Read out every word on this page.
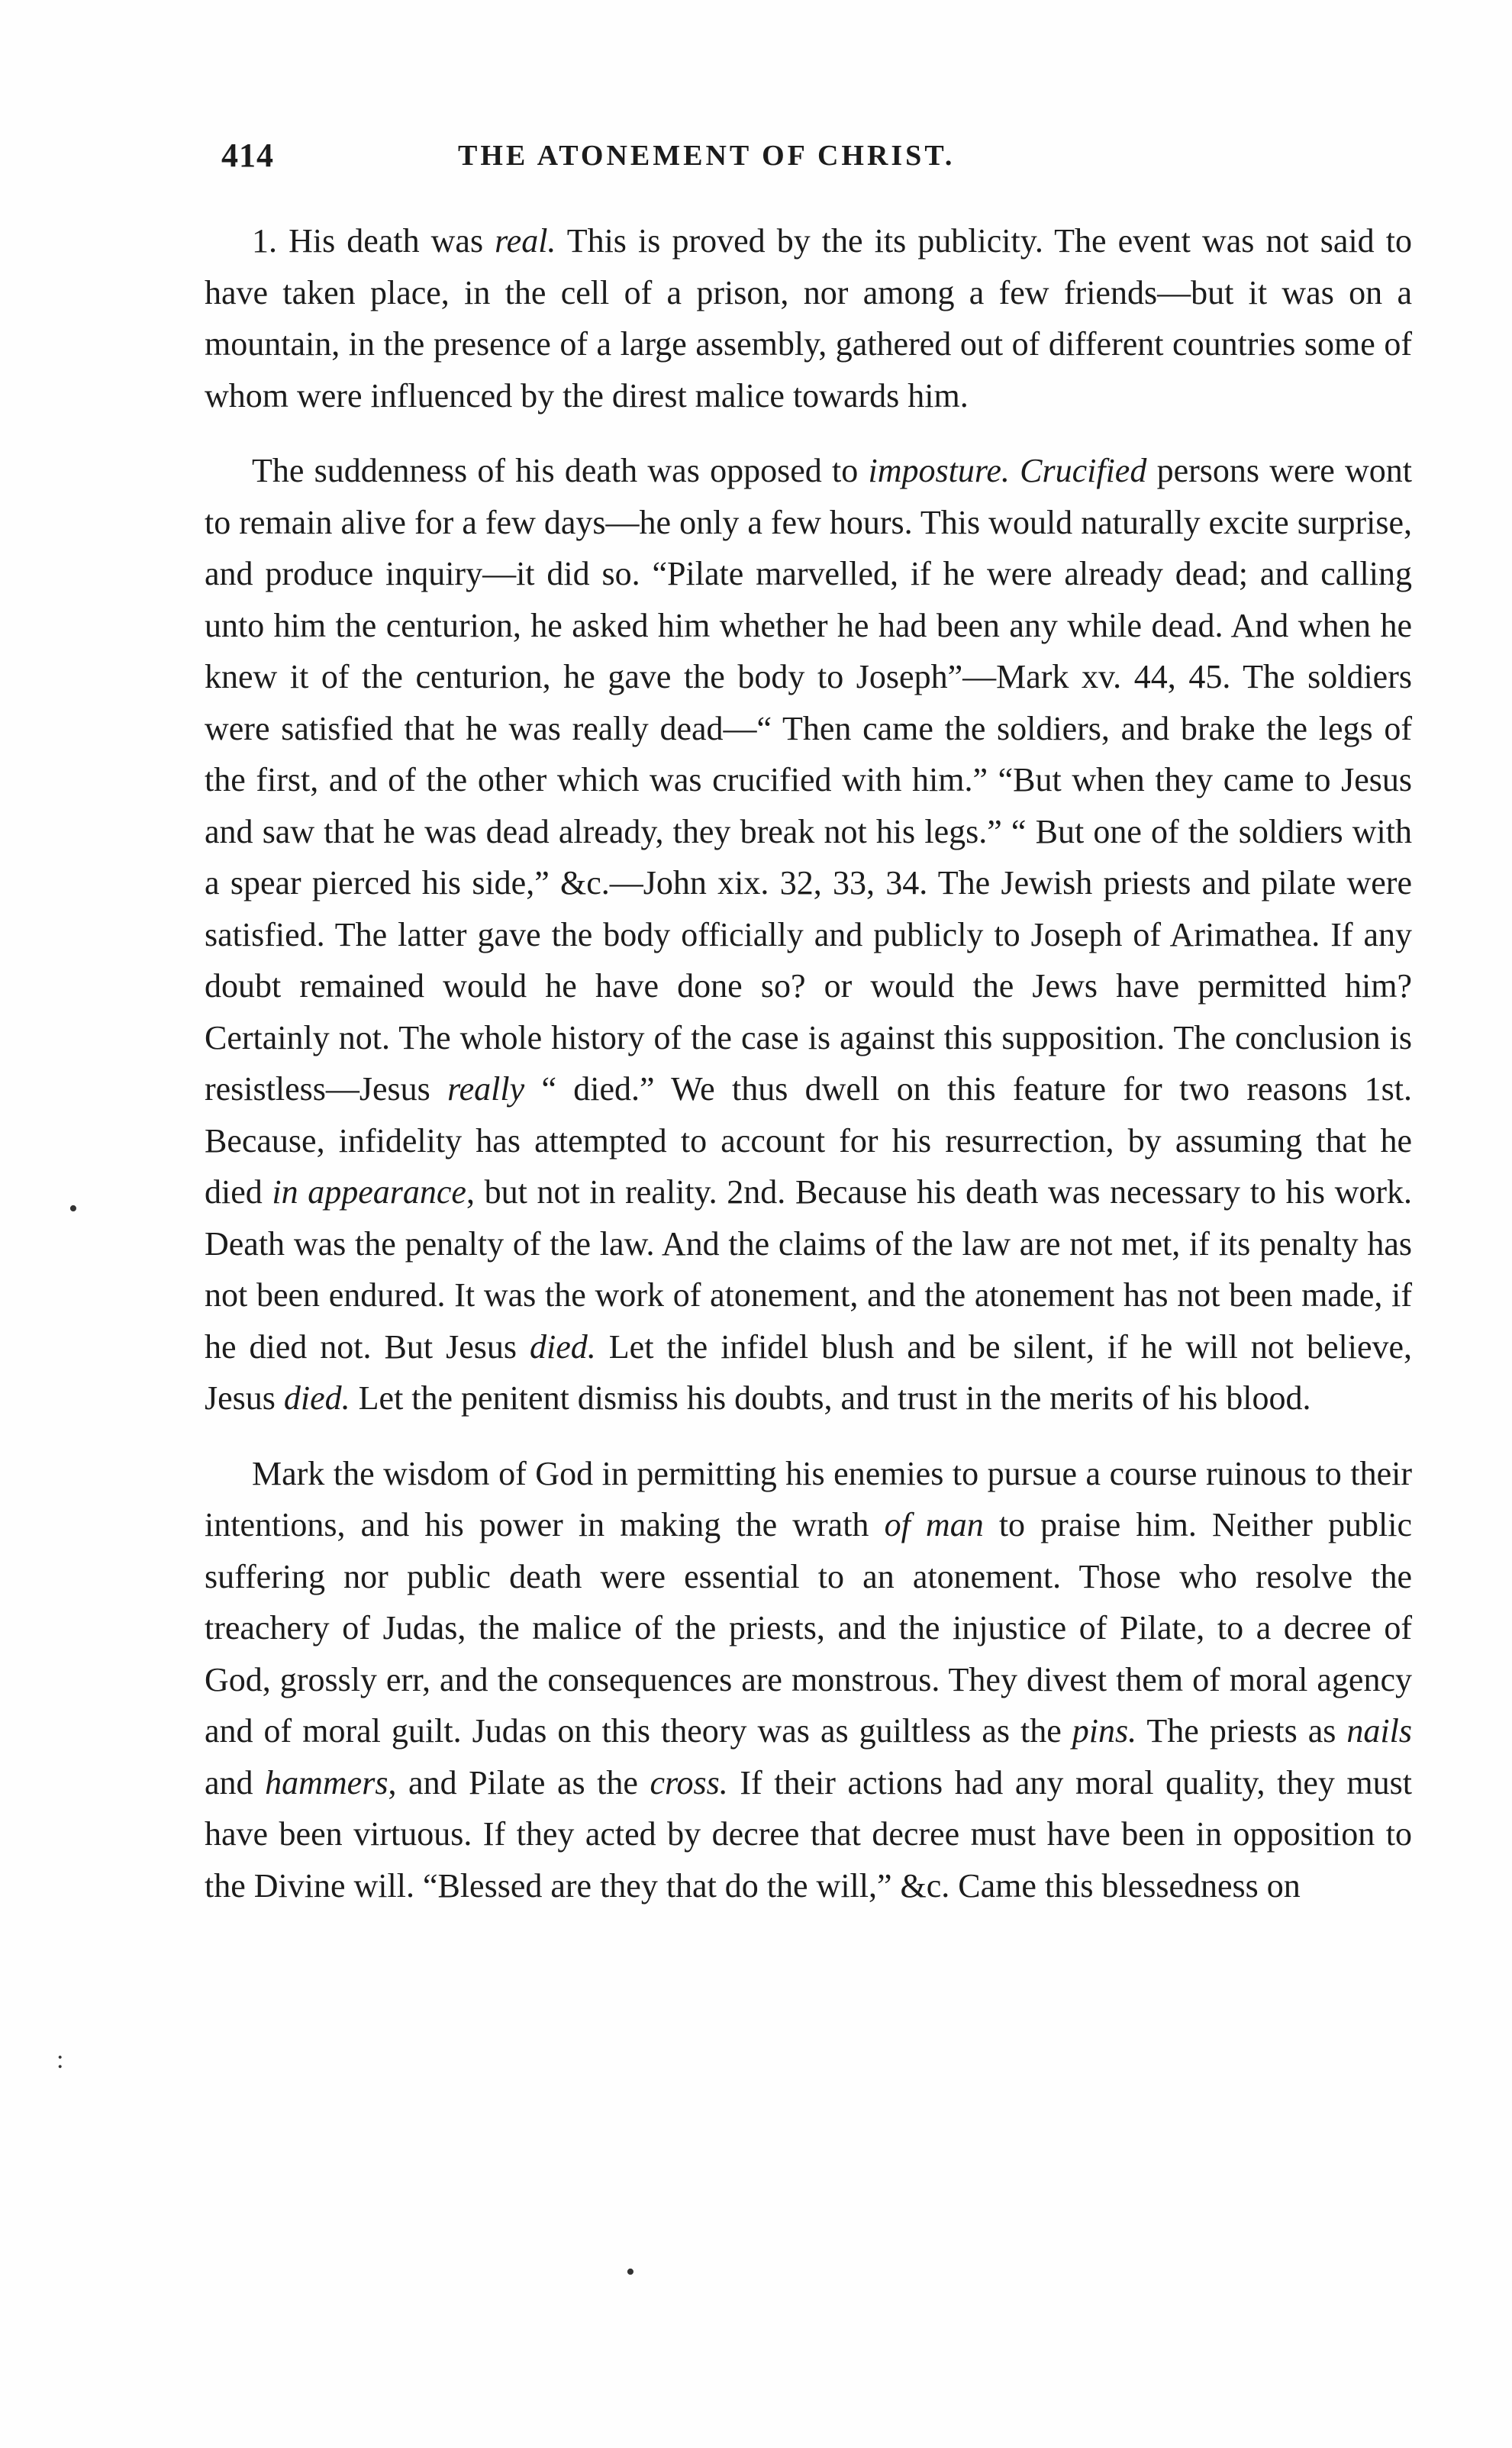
414	THE ATONEMENT OF CHRIST.

1. His death was real. This is proved by the its publicity. The event was not said to have taken place, in the cell of a prison, nor among a few friends—but it was on a mountain, in the presence of a large assembly, gathered out of different countries some of whom were influenced by the direst malice towards him.

The suddenness of his death was opposed to imposture. Crucified persons were wont to remain alive for a few days—he only a few hours. This would naturally excite surprise, and produce inquiry—it did so. “Pilate marvelled, if he were already dead; and calling unto him the centurion, he asked him whether he had been any while dead. And when he knew it of the centurion, he gave the body to Joseph”—Mark xv. 44, 45. The soldiers were satisfied that he was really dead—“ Then came the soldiers, and brake the legs of the first, and of the other which was crucified with him.” “But when they came to Jesus and saw that he was dead already, they break not his legs.” “ But one of the soldiers with a spear pierced his side,” &c.—John xix. 32, 33, 34. The Jewish priests and pilate were satisfied. The latter gave the body officially and publicly to Joseph of Arimathea. If any doubt remained would he have done so? or would the Jews have permitted him? Certainly not. The whole history of the case is against this supposition. The conclusion is resistless—Jesus really “ died.” We thus dwell on this feature for two reasons 1st. Because, infidelity has attempted to account for his resurrection, by assuming that he died in appearance, but not in reality. 2nd. Because his death was necessary to his work. Death was the penalty of the law. And the claims of the law are not met, if its penalty has not been endured. It was the work of atonement, and the atonement has not been made, if he died not. But Jesus died. Let the infidel blush and be silent, if he will not believe, Jesus died. Let the penitent dismiss his doubts, and trust in the merits of his blood.

Mark the wisdom of God in permitting his enemies to pursue a course ruinous to their intentions, and his power in making the wrath of man to praise him. Neither public suffering nor public death were essential to an atonement. Those who resolve the treachery of Judas, the malice of the priests, and the injustice of Pilate, to a decree of God, grossly err, and the consequences are monstrous. They divest them of moral agency and of moral guilt. Judas on this theory was as guiltless as the pins. The priests as nails and hammers, and Pilate as the cross. If their actions had any moral quality, they must have been virtuous. If they acted by decree that decree must have been in opposition to the Divine will. “Blessed are they that do the will,” &c. Came this blessedness on

•
:
•
